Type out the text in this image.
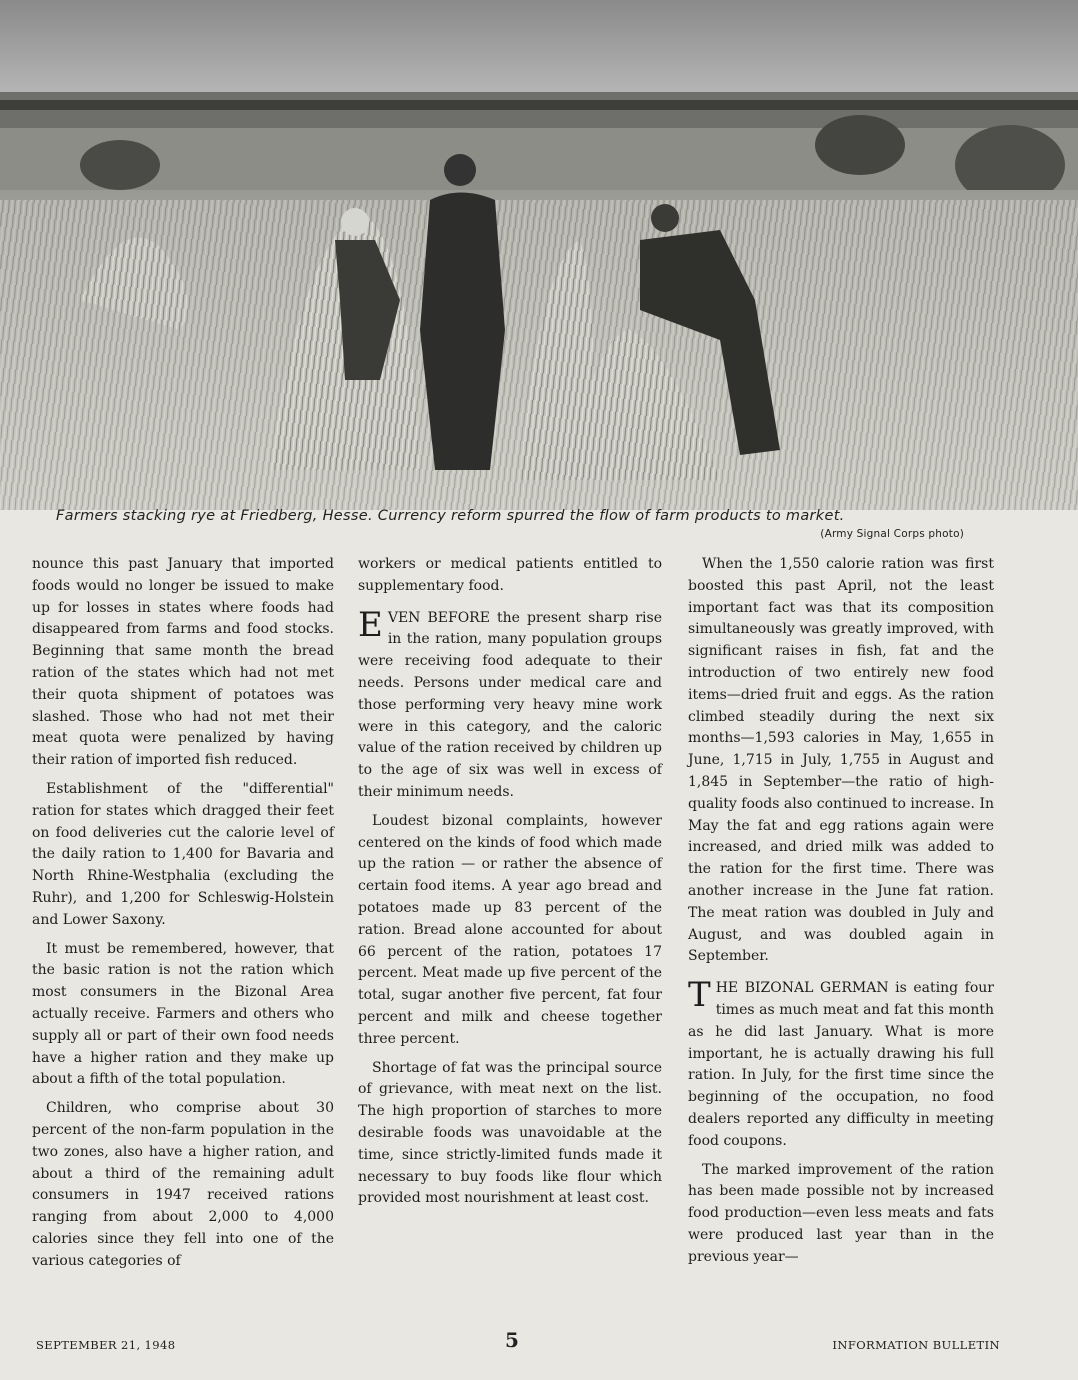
Farmers stacking rye at Friedberg, Hesse. Currency reform spurred the flow of farm products to market.
(Army Signal Corps photo)

nounce this past January that imported foods would no longer be issued to make up for losses in states where foods had disappeared from farms and food stocks. Beginning that same month the bread ration of the states which had not met their quota shipment of potatoes was slashed. Those who had not met their meat quota were penalized by having their ration of imported fish reduced.

Establishment of the "differential" ration for states which dragged their feet on food deliveries cut the calorie level of the daily ration to 1,400 for Bavaria and North Rhine-Westphalia (excluding the Ruhr), and 1,200 for Schleswig-Holstein and Lower Saxony.

It must be remembered, however, that the basic ration is not the ration which most consumers in the Bizonal Area actually receive. Farmers and others who supply all or part of their own food needs have a higher ration and they make up about a fifth of the total population.

Children, who comprise about 30 percent of the non-farm population in the two zones, also have a higher ration, and about a third of the remaining adult consumers in 1947 received rations ranging from about 2,000 to 4,000 calories since they fell into one of the various categories of

workers or medical patients entitled to supplementary food.

EVEN BEFORE the present sharp rise in the ration, many population groups were receiving food adequate to their needs. Persons under medical care and those performing very heavy mine work were in this category, and the caloric value of the ration received by children up to the age of six was well in excess of their minimum needs.

Loudest bizonal complaints, however centered on the kinds of food which made up the ration — or rather the absence of certain food items. A year ago bread and potatoes made up 83 percent of the ration. Bread alone accounted for about 66 percent of the ration, potatoes 17 percent. Meat made up five percent of the total, sugar another five percent, fat four percent and milk and cheese together three percent.

Shortage of fat was the principal source of grievance, with meat next on the list. The high proportion of starches to more desirable foods was unavoidable at the time, since strictly-limited funds made it necessary to buy foods like flour which provided most nourishment at least cost.

When the 1,550 calorie ration was first boosted this past April, not the least important fact was that its composition simultaneously was greatly improved, with significant raises in fish, fat and the introduction of two entirely new food items—dried fruit and eggs. As the ration climbed steadily during the next six months—1,593 calories in May, 1,655 in June, 1,715 in July, 1,755 in August and 1,845 in September—the ratio of high-quality foods also continued to increase. In May the fat and egg rations again were increased, and dried milk was added to the ration for the first time. There was another increase in the June fat ration. The meat ration was doubled in July and August, and was doubled again in September.

THE BIZONAL GERMAN is eating four times as much meat and fat this month as he did last January. What is more important, he is actually drawing his full ration. In July, for the first time since the beginning of the occupation, no food dealers reported any difficulty in meeting food coupons.

The marked improvement of the ration has been made possible not by increased food production—even less meats and fats were produced last year than in the previous year—

SEPTEMBER 21, 1948	5	INFORMATION BULLETIN
